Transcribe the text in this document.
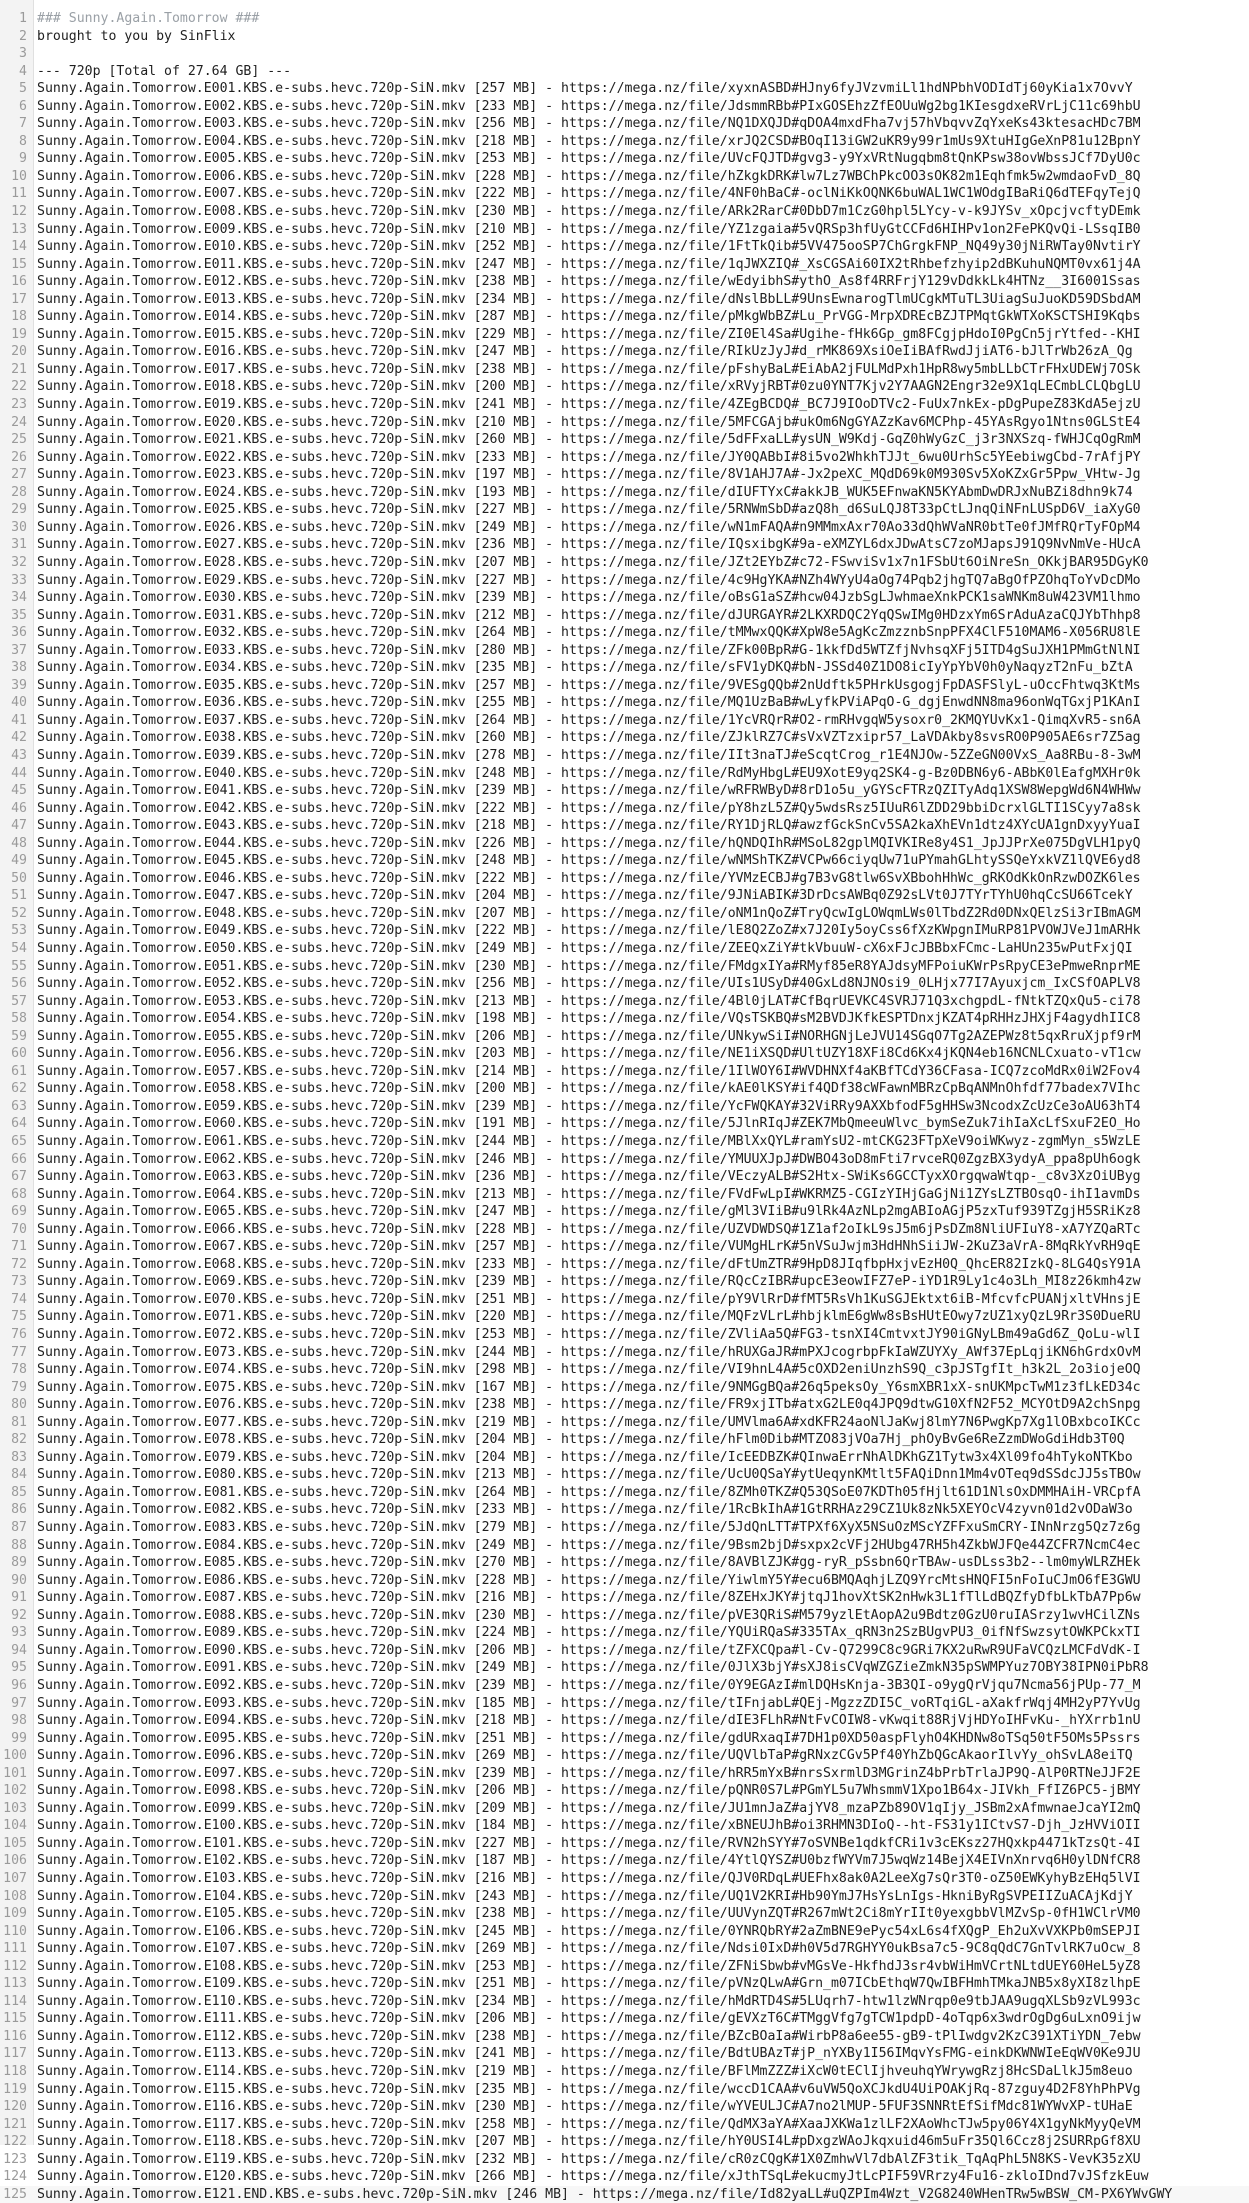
1 ### Sunny.Again.Tomorrow ###
2 brought to you by SinFlix
3
4 --- 720p [Total of 27.64 GB] ---
5 Sunny.Again.Tomorrow.E001.KBS.e-subs.hevc.720p-SiN.mkv [257 MB] - https://mega.nz/file/xyxnASBD#HJny6fyJVzvmiLl1hdNPbhVODIdTj60yKia1x7OvvY
6 Sunny.Again.Tomorrow.E002.KBS.e-subs.hevc.720p-SiN.mkv [233 MB] - https://mega.nz/file/JdsmmRBb#PIxGOSEhzZfEOUuWg2bg1KIesgdxeRVrLjC11c69hbU
7 Sunny.Again.Tomorrow.E003.KBS.e-subs.hevc.720p-SiN.mkv [256 MB] - https://mega.nz/file/NQ1DXQJD#qDOA4mxdFha7vj57hVbqvvZqYxeKs43ktesacHDc7BM
8 Sunny.Again.Tomorrow.E004.KBS.e-subs.hevc.720p-SiN.mkv [218 MB] - https://mega.nz/file/xrJQ2CSD#BOqI13iGW2uKR9y99r1mUs9XtuHIgGeXnP81u12BpnY
9 Sunny.Again.Tomorrow.E005.KBS.e-subs.hevc.720p-SiN.mkv [253 MB] - https://mega.nz/file/UVcFQJTD#gvg3-y9YxVRtNugqbm8tQnKPsw38ovWbssJCf7DyU0c
10 Sunny.Again.Tomorrow.E006.KBS.e-subs.hevc.720p-SiN.mkv [228 MB] - https://mega.nz/file/hZkgkDRK#lw7Lz7WBChPkcOO3sOK82m1Eqhfmk5w2wmdaoFvD_8Q
11 Sunny.Again.Tomorrow.E007.KBS.e-subs.hevc.720p-SiN.mkv [222 MB] - https://mega.nz/file/4NF0hBaC#-oclNiKkOQNK6buWAL1WC1WOdgIBaRiQ6dTEFqyTejQ
12 Sunny.Again.Tomorrow.E008.KBS.e-subs.hevc.720p-SiN.mkv [230 MB] - https://mega.nz/file/ARk2RarC#0DbD7m1CzG0hpl5LYcy-v-k9JYSv_xOpcjvcftyDEmk
13 Sunny.Again.Tomorrow.E009.KBS.e-subs.hevc.720p-SiN.mkv [210 MB] - https://mega.nz/file/YZ1zgaia#5vQRSp3hfUyGtCCFd6HIHPv1on2FePKQvQi-LSsqIB0
14 Sunny.Again.Tomorrow.E010.KBS.e-subs.hevc.720p-SiN.mkv [252 MB] - https://mega.nz/file/1FtTkQib#5VV475ooSP7ChGrgkFNP_NQ49y30jNiRWTay0NvtirY
15 Sunny.Again.Tomorrow.E011.KBS.e-subs.hevc.720p-SiN.mkv [247 MB] - https://mega.nz/file/1qJWXZIQ#_XsCGSAi60IX2tRhbefzhyip2dBKuhuNQMT0vx61j4A
16 Sunny.Again.Tomorrow.E012.KBS.e-subs.hevc.720p-SiN.mkv [238 MB] - https://mega.nz/file/wEdyibhS#ythO_As8f4RRFrjY129vDdkkLk4HTNz__3I6001Ssas
17 Sunny.Again.Tomorrow.E013.KBS.e-subs.hevc.720p-SiN.mkv [234 MB] - https://mega.nz/file/dNslBbLL#9UnsEwnarogTlmUCgkMTuTL3UiagSuJuoKD59DSbdAM
18 Sunny.Again.Tomorrow.E014.KBS.e-subs.hevc.720p-SiN.mkv [287 MB] - https://mega.nz/file/pMkgWbBZ#Lu_PrVGG-MrpXDREcBZJTPMqtGkWTXoKSCTSHI9Kqbs
19 Sunny.Again.Tomorrow.E015.KBS.e-subs.hevc.720p-SiN.mkv [229 MB] - https://mega.nz/file/ZI0El4Sa#Ugihe-fHk6Gp_gm8FCgjpHdoI0PgCn5jrYtfed--KHI
20 Sunny.Again.Tomorrow.E016.KBS.e-subs.hevc.720p-SiN.mkv [247 MB] - https://mega.nz/file/RIkUzJyJ#d_rMK869XsiOeIiBAfRwdJjiAT6-bJlTrWb26zA_Qg
21 Sunny.Again.Tomorrow.E017.KBS.e-subs.hevc.720p-SiN.mkv [238 MB] - https://mega.nz/file/pFshyBaL#EiAbA2jFULMdPxh1HpR8wy5mbLLbCTrFHxUDEWj7OSk
22 Sunny.Again.Tomorrow.E018.KBS.e-subs.hevc.720p-SiN.mkv [200 MB] - https://mega.nz/file/xRVyjRBT#0zu0YNT7Kjv2Y7AAGN2Engr32e9X1qLECmbLCLQbgLU
23 Sunny.Again.Tomorrow.E019.KBS.e-subs.hevc.720p-SiN.mkv [241 MB] - https://mega.nz/file/4ZEgBCDQ#_BC7J9IOoDTVc2-FuUx7nkEx-pDgPupeZ83KdA5ejzU
24 Sunny.Again.Tomorrow.E020.KBS.e-subs.hevc.720p-SiN.mkv [210 MB] - https://mega.nz/file/5MFCGAjb#ukOm6NgGYAZzKav6MCPhp-45YAsRgyo1Ntns0GLStE4
25 Sunny.Again.Tomorrow.E021.KBS.e-subs.hevc.720p-SiN.mkv [260 MB] - https://mega.nz/file/5dFFxaLL#ysUN_W9Kdj-GqZ0hWyGzC_j3r3NXSzq-fWHJCqOgRmM
26 Sunny.Again.Tomorrow.E022.KBS.e-subs.hevc.720p-SiN.mkv [233 MB] - https://mega.nz/file/JY0QABbI#8i5vo2WhkhTJJt_6wu0UrhSc5YEebiwgCbd-7rAfjPY
27 Sunny.Again.Tomorrow.E023.KBS.e-subs.hevc.720p-SiN.mkv [197 MB] - https://mega.nz/file/8V1AHJ7A#-Jx2peXC_MQdD69k0M930Sv5XoKZxGr5Ppw_VHtw-Jg
28 Sunny.Again.Tomorrow.E024.KBS.e-subs.hevc.720p-SiN.mkv [193 MB] - https://mega.nz/file/dIUFTYxC#akkJB_WUK5EFnwaKN5KYAbmDwDRJxNuBZi8dhn9k74
29 Sunny.Again.Tomorrow.E025.KBS.e-subs.hevc.720p-SiN.mkv [227 MB] - https://mega.nz/file/5RNWmSbD#azQ8h_d6SuLQJ8T33pCtLJnqQiNFnLUSpD6V_iaXyG0
30 Sunny.Again.Tomorrow.E026.KBS.e-subs.hevc.720p-SiN.mkv [249 MB] - https://mega.nz/file/wN1mFAQA#n9MMmxAxr70Ao33dQhWVaNR0btTe0fJMfRQrTyFOpM4
31 Sunny.Again.Tomorrow.E027.KBS.e-subs.hevc.720p-SiN.mkv [236 MB] - https://mega.nz/file/IQsxibgK#9a-eXMZYL6dxJDwAtsC7zoMJapsJ91Q9NvNmVe-HUcA
32 Sunny.Again.Tomorrow.E028.KBS.e-subs.hevc.720p-SiN.mkv [207 MB] - https://mega.nz/file/JZt2EYbZ#c72-FSwviSv1x7n1FSbUt6OiNreSn_OKkjBAR95DGyK0
33 Sunny.Again.Tomorrow.E029.KBS.e-subs.hevc.720p-SiN.mkv [227 MB] - https://mega.nz/file/4c9HgYKA#NZh4WYyU4aOg74Pqb2jhgTQ7aBgOfPZOhqToYvDcDMo
34 Sunny.Again.Tomorrow.E030.KBS.e-subs.hevc.720p-SiN.mkv [239 MB] - https://mega.nz/file/oBsG1aSZ#hcw04JzbSgLJwhmaeXnkPCK1saWNKm8uW423VM1lhmo
35 Sunny.Again.Tomorrow.E031.KBS.e-subs.hevc.720p-SiN.mkv [212 MB] - https://mega.nz/file/dJURGAYR#2LKXRDQC2YqQSwIMg0HDzxYm6SrAduAzaCQJYbThhp8
36 Sunny.Again.Tomorrow.E032.KBS.e-subs.hevc.720p-SiN.mkv [264 MB] - https://mega.nz/file/tMMwxQQK#XpW8e5AgKcZmzznbSnpPFX4ClF510MAM6-X056RU8lE
37 Sunny.Again.Tomorrow.E033.KBS.e-subs.hevc.720p-SiN.mkv [280 MB] - https://mega.nz/file/ZFk00BpR#G-1kkfDd5WTZfjNvhsqXFj5ITD4gSuJXH1PMmGtNlNI
38 Sunny.Again.Tomorrow.E034.KBS.e-subs.hevc.720p-SiN.mkv [235 MB] - https://mega.nz/file/sFV1yDKQ#bN-JSSd40Z1DO8icIyYpYbV0h0yNaqyzT2nFu_bZtA
39 Sunny.Again.Tomorrow.E035.KBS.e-subs.hevc.720p-SiN.mkv [257 MB] - https://mega.nz/file/9VESgQQb#2nUdftk5PHrkUsgogjFpDASFSlyL-uOccFhtwq3KtMs
40 Sunny.Again.Tomorrow.E036.KBS.e-subs.hevc.720p-SiN.mkv [255 MB] - https://mega.nz/file/MQ1UzBaB#wLyfkPViAPqO-G_dgjEnwdNN8ma96onWqTGxjP1KAnI
41 Sunny.Again.Tomorrow.E037.KBS.e-subs.hevc.720p-SiN.mkv [264 MB] - https://mega.nz/file/1YcVRQrR#O2-rmRHvgqW5ysoxr0_2KMQYUvKx1-QimqXvR5-sn6A
42 Sunny.Again.Tomorrow.E038.KBS.e-subs.hevc.720p-SiN.mkv [260 MB] - https://mega.nz/file/ZJklRZ7C#sVxVZTzxipr57_LaVDAkby8svsRO0P905AE6sr7Z5ag
43 Sunny.Again.Tomorrow.E039.KBS.e-subs.hevc.720p-SiN.mkv [278 MB] - https://mega.nz/file/IIt3naTJ#eScqtCrog_r1E4NJOw-5ZZeGN00VxS_Aa8RBu-8-3wM
44 Sunny.Again.Tomorrow.E040.KBS.e-subs.hevc.720p-SiN.mkv [248 MB] - https://mega.nz/file/RdMyHbgL#EU9XotE9yq2SK4-g-Bz0DBN6y6-ABbK0lEafgMXHr0k
45 Sunny.Again.Tomorrow.E041.KBS.e-subs.hevc.720p-SiN.mkv [239 MB] - https://mega.nz/file/wRFRWByD#8rD1o5u_yGYScFTRzQZITyAdq1XSW8WepgWd6N4WHWw
46 Sunny.Again.Tomorrow.E042.KBS.e-subs.hevc.720p-SiN.mkv [222 MB] - https://mega.nz/file/pY8hzL5Z#Qy5wdsRsz5IUuR6lZDD29bbiDcrxlGLTI1SCyy7a8sk
47 Sunny.Again.Tomorrow.E043.KBS.e-subs.hevc.720p-SiN.mkv [218 MB] - https://mega.nz/file/RY1DjRLQ#awzfGckSnCv5SA2kaXhEVn1dtz4XYcUA1gnDxyyYuaI
48 Sunny.Again.Tomorrow.E044.KBS.e-subs.hevc.720p-SiN.mkv [226 MB] - https://mega.nz/file/hQNDQIhR#MSoL82gplMQIVKIRe8y4S1_JpJJPrXe075DgVLH1pyQ
49 Sunny.Again.Tomorrow.E045.KBS.e-subs.hevc.720p-SiN.mkv [248 MB] - https://mega.nz/file/wNMShTKZ#VCPw66ciyqUw71uPYmahGLhtySSQeYxkVZ1lQVE6yd8
50 Sunny.Again.Tomorrow.E046.KBS.e-subs.hevc.720p-SiN.mkv [222 MB] - https://mega.nz/file/YVMzECBJ#g7B3vG8tlw6SvXBbohHhWc_gRKOdKkOnRzwDOZK6les
51 Sunny.Again.Tomorrow.E047.KBS.e-subs.hevc.720p-SiN.mkv [204 MB] - https://mega.nz/file/9JNiABIK#3DrDcsAWBq0Z92sLVt0J7TYrTYhU0hqCcSU66TcekY
52 Sunny.Again.Tomorrow.E048.KBS.e-subs.hevc.720p-SiN.mkv [207 MB] - https://mega.nz/file/oNM1nQoZ#TryQcwIgLOWqmLWs0lTbdZ2Rd0DNxQElzSi3rIBmAGM
53 Sunny.Again.Tomorrow.E049.KBS.e-subs.hevc.720p-SiN.mkv [222 MB] - https://mega.nz/file/lE8Q2ZoZ#x7J20Iy5oyCss6fXzKWpgnIMuRP81PVOWJVeJ1mARHk
54 Sunny.Again.Tomorrow.E050.KBS.e-subs.hevc.720p-SiN.mkv [249 MB] - https://mega.nz/file/ZEEQxZiY#tkVbuuW-cX6xFJcJBBbxFCmc-LaHUn235wPutFxjQI
55 Sunny.Again.Tomorrow.E051.KBS.e-subs.hevc.720p-SiN.mkv [230 MB] - https://mega.nz/file/FMdgxIYa#RMyf85eR8YAJdsyMFPoiuKWrPsRpyCE3ePmweRnprME
56 Sunny.Again.Tomorrow.E052.KBS.e-subs.hevc.720p-SiN.mkv [256 MB] - https://mega.nz/file/UIs1USyD#40GxLd8NJNOsi9_0LHjx77I7Ayuxjcm_IxCSfOAPLV8
57 Sunny.Again.Tomorrow.E053.KBS.e-subs.hevc.720p-SiN.mkv [213 MB] - https://mega.nz/file/4Bl0jLAT#CfBqrUEVKC4SVRJ71Q3xchgpdL-fNtkTZQxQu5-ci78
58 Sunny.Again.Tomorrow.E054.KBS.e-subs.hevc.720p-SiN.mkv [198 MB] - https://mega.nz/file/VQsTSKBQ#sM2BVDJKfkESPTDnxjKZAT4pRHHzJHXjF4agydhIIC8
59 Sunny.Again.Tomorrow.E055.KBS.e-subs.hevc.720p-SiN.mkv [206 MB] - https://mega.nz/file/UNkywSiI#NORHGNjLeJVU14SGqO7Tg2AZEPWz8t5qxRruXjpf9rM
60 Sunny.Again.Tomorrow.E056.KBS.e-subs.hevc.720p-SiN.mkv [203 MB] - https://mega.nz/file/NE1iXSQD#UltUZY18XFi8Cd6Kx4jKQN4eb16NCNLCxuato-vT1cw
61 Sunny.Again.Tomorrow.E057.KBS.e-subs.hevc.720p-SiN.mkv [214 MB] - https://mega.nz/file/1IlWOY6I#WVDHNXf4aKBfTCdY36CFasa-ICQ7zcoMdRx0iW2Fov4
62 Sunny.Again.Tomorrow.E058.KBS.e-subs.hevc.720p-SiN.mkv [200 MB] - https://mega.nz/file/kAE0lKSY#if4QDf38cWFawnMBRzCpBqANMnOhfdf77badex7VIhc
63 Sunny.Again.Tomorrow.E059.KBS.e-subs.hevc.720p-SiN.mkv [239 MB] - https://mega.nz/file/YcFWQKAY#32ViRRy9AXXbfodF5gHHSw3NcodxZcUzCe3oAU63hT4
64 Sunny.Again.Tomorrow.E060.KBS.e-subs.hevc.720p-SiN.mkv [191 MB] - https://mega.nz/file/5JlnRIqJ#ZEK7MbQmeeuWlvc_bymSeZuk7ihIaXcLfSxuF2EO_Ho
65 Sunny.Again.Tomorrow.E061.KBS.e-subs.hevc.720p-SiN.mkv [244 MB] - https://mega.nz/file/MBlXxQYL#ramYsU2-mtCKG23FTpXeV9oiWKwyz-zgmMyn_s5WzLE
66 Sunny.Again.Tomorrow.E062.KBS.e-subs.hevc.720p-SiN.mkv [246 MB] - https://mega.nz/file/YMUUXJpJ#DWBO43oD8mFti7rvceRQ0ZgzBX3ydyA_ppa8pUh6ogk
67 Sunny.Again.Tomorrow.E063.KBS.e-subs.hevc.720p-SiN.mkv [236 MB] - https://mega.nz/file/VEczyALB#S2Htx-SWiKs6GCCTyxXOrgqwaWtqp-_c8v3XzOiUByg
68 Sunny.Again.Tomorrow.E064.KBS.e-subs.hevc.720p-SiN.mkv [213 MB] - https://mega.nz/file/FVdFwLpI#WKRMZ5-CGIzYIHjGaGjNi1ZYsLZTBOsqO-ihI1avmDs
69 Sunny.Again.Tomorrow.E065.KBS.e-subs.hevc.720p-SiN.mkv [247 MB] - https://mega.nz/file/gMl3VIiB#u9lRk4AzNLp2mgABIoAGjP5zxTuf939TZgjH5SRiKz8
70 Sunny.Again.Tomorrow.E066.KBS.e-subs.hevc.720p-SiN.mkv [228 MB] - https://mega.nz/file/UZVDWDSQ#1Z1af2oIkL9sJ5m6jPsDZm8NliUFIuY8-xA7YZQaRTc
71 Sunny.Again.Tomorrow.E067.KBS.e-subs.hevc.720p-SiN.mkv [257 MB] - https://mega.nz/file/VUMgHLrK#5nVSuJwjm3HdHNhSiiJW-2KuZ3aVrA-8MqRkYvRH9qE
72 Sunny.Again.Tomorrow.E068.KBS.e-subs.hevc.720p-SiN.mkv [233 MB] - https://mega.nz/file/dFtUmZTR#9HpD8JIqfbpHxjvEzH0Q_QhcER82IzkQ-8LG4QsY91A
73 Sunny.Again.Tomorrow.E069.KBS.e-subs.hevc.720p-SiN.mkv [239 MB] - https://mega.nz/file/RQcCzIBR#upcE3eowIFZ7eP-iYD1R9Ly1c4o3Lh_MI8z26kmh4zw
74 Sunny.Again.Tomorrow.E070.KBS.e-subs.hevc.720p-SiN.mkv [251 MB] - https://mega.nz/file/pY9VlRrD#fMT5RsVh1KuSGJEktxt6iB-MfcvfcPUANjxltVHnsjE
75 Sunny.Again.Tomorrow.E071.KBS.e-subs.hevc.720p-SiN.mkv [220 MB] - https://mega.nz/file/MQFzVLrL#hbjklmE6gWw8sBsHUtEOwy7zUZ1xyQzL9Rr3S0DueRU
76 Sunny.Again.Tomorrow.E072.KBS.e-subs.hevc.720p-SiN.mkv [253 MB] - https://mega.nz/file/ZVliAa5Q#FG3-tsnXI4CmtvxtJY90iGNyLBm49aGd6Z_QoLu-wlI
77 Sunny.Again.Tomorrow.E073.KBS.e-subs.hevc.720p-SiN.mkv [244 MB] - https://mega.nz/file/hRUXGaJR#mPXJcogrbpFkIaWZUYXy_AWf37EpLqjiKN6hGrdxOvM
78 Sunny.Again.Tomorrow.E074.KBS.e-subs.hevc.720p-SiN.mkv [298 MB] - https://mega.nz/file/VI9hnL4A#5cOXD2eniUnzhS9Q_c3pJSTgfIt_h3k2L_2o3iojeOQ
79 Sunny.Again.Tomorrow.E075.KBS.e-subs.hevc.720p-SiN.mkv [167 MB] - https://mega.nz/file/9NMGgBQa#26q5peksOy_Y6smXBR1xX-snUKMpcTwM1z3fLkED34c
80 Sunny.Again.Tomorrow.E076.KBS.e-subs.hevc.720p-SiN.mkv [238 MB] - https://mega.nz/file/FR9xjITb#atxG2LE0q4JPQ9dtwG10XfN2F52_MCYOtD9A2chSnpg
81 Sunny.Again.Tomorrow.E077.KBS.e-subs.hevc.720p-SiN.mkv [219 MB] - https://mega.nz/file/UMVlma6A#xdKFR24aoNlJaKwj8lmY7N6PwgKp7Xg1lOBxbcoIKCc
82 Sunny.Again.Tomorrow.E078.KBS.e-subs.hevc.720p-SiN.mkv [204 MB] - https://mega.nz/file/hFlm0Dib#MTZO83jVOa7Hj_phOyBvGe6ReZzmDWoGdiHdb3T0Q
83 Sunny.Again.Tomorrow.E079.KBS.e-subs.hevc.720p-SiN.mkv [204 MB] - https://mega.nz/file/IcEEDBZK#QInwaErrNhAlDKhGZ1Tytw3x4Xl09fo4hTykoNTKbo
84 Sunny.Again.Tomorrow.E080.KBS.e-subs.hevc.720p-SiN.mkv [213 MB] - https://mega.nz/file/UcU0QSaY#ytUeqynKMtlt5FAQiDnn1Mm4vOTeq9dSSdcJJ5sTBOw
85 Sunny.Again.Tomorrow.E081.KBS.e-subs.hevc.720p-SiN.mkv [264 MB] - https://mega.nz/file/8ZMh0TKZ#Q53QSoE07KDTh05fHjlt61D1NlsOxDMMHAiH-VRCpfA
86 Sunny.Again.Tomorrow.E082.KBS.e-subs.hevc.720p-SiN.mkv [233 MB] - https://mega.nz/file/1RcBkIhA#1GtRRHAz29CZ1Uk8zNk5XEYOcV4zyvn01d2vODaW3o
87 Sunny.Again.Tomorrow.E083.KBS.e-subs.hevc.720p-SiN.mkv [279 MB] - https://mega.nz/file/5JdQnLTT#TPXf6XyX5NSuOzMScYZFFxuSmCRY-INnNrzg5Qz7z6g
88 Sunny.Again.Tomorrow.E084.KBS.e-subs.hevc.720p-SiN.mkv [249 MB] - https://mega.nz/file/9Bsm2bjD#sxpx2cVFj2HUbg47RH5h4ZkbWJFQe44ZCFR7NcmC4ec
89 Sunny.Again.Tomorrow.E085.KBS.e-subs.hevc.720p-SiN.mkv [270 MB] - https://mega.nz/file/8AVBlZJK#gg-ryR_pSsbn6QrTBAw-usDLss3b2--lm0myWLRZHEk
90 Sunny.Again.Tomorrow.E086.KBS.e-subs.hevc.720p-SiN.mkv [228 MB] - https://mega.nz/file/YiwlmY5Y#ecu6BMQAqhjLZQ9YrcMtsHNQFI5nFoIuCJmO6fE3GWU
91 Sunny.Again.Tomorrow.E087.KBS.e-subs.hevc.720p-SiN.mkv [216 MB] - https://mega.nz/file/8ZEHxJKY#jtqJ1hovXtSK2nHwk3L1fTlLdBQZfyDfbLkTbA7Pp6w
92 Sunny.Again.Tomorrow.E088.KBS.e-subs.hevc.720p-SiN.mkv [230 MB] - https://mega.nz/file/pVE3QRiS#M579yzlEtAopA2u9Bdtz0GzU0ruIASrzy1wvHCilZNs
93 Sunny.Again.Tomorrow.E089.KBS.e-subs.hevc.720p-SiN.mkv [224 MB] - https://mega.nz/file/YQUiRQaS#335TAx_qRN3n2SzBUgvPU3_0ifNfSwzsytOWKPCkxTI
94 Sunny.Again.Tomorrow.E090.KBS.e-subs.hevc.720p-SiN.mkv [206 MB] - https://mega.nz/file/tZFXCQpa#l-Cv-Q7299C8c9GRi7KX2uRwR9UFaVCQzLMCFdVdK-I
95 Sunny.Again.Tomorrow.E091.KBS.e-subs.hevc.720p-SiN.mkv [249 MB] - https://mega.nz/file/0JlX3bjY#sXJ8isCVqWZGZieZmkN35pSWMPYuz7OBY38IPN0iPbR8
96 Sunny.Again.Tomorrow.E092.KBS.e-subs.hevc.720p-SiN.mkv [239 MB] - https://mega.nz/file/0Y9EGAzI#mlDQHsKnja-3B3QI-o9ygQrVjqu7Ncma56jPUp-77_M
97 Sunny.Again.Tomorrow.E093.KBS.e-subs.hevc.720p-SiN.mkv [185 MB] - https://mega.nz/file/tIFnjabL#QEj-MgzzZDI5C_voRTqiGL-aXakfrWqj4MH2yP7YvUg
98 Sunny.Again.Tomorrow.E094.KBS.e-subs.hevc.720p-SiN.mkv [218 MB] - https://mega.nz/file/dIE3FLhR#NtFvCOIW8-vKwqit88RjVjHDYoIHFvKu-_hYXrrb1nU
99 Sunny.Again.Tomorrow.E095.KBS.e-subs.hevc.720p-SiN.mkv [251 MB] - https://mega.nz/file/gdURxaqI#7DH1p0XD50aspFlyhO4KHDNw8oTSq50tF5OMs5Pssrs
100 Sunny.Again.Tomorrow.E096.KBS.e-subs.hevc.720p-SiN.mkv [269 MB] - https://mega.nz/file/UQVlbTaP#gRNxzCGv5Pf40YhZbQGcAkaorIlvYy_ohSvLA8eiTQ
101 Sunny.Again.Tomorrow.E097.KBS.e-subs.hevc.720p-SiN.mkv [239 MB] - https://mega.nz/file/hRR5mYxB#nrsSxrmlD3MGrinZ4bPrbTrlaJP9Q-AlP0RTNeJJF2E
102 Sunny.Again.Tomorrow.E098.KBS.e-subs.hevc.720p-SiN.mkv [206 MB] - https://mega.nz/file/pQNR0S7L#PGmYL5u7WhsmmV1Xpo1B64x-JIVkh_FfIZ6PC5-jBMY
103 Sunny.Again.Tomorrow.E099.KBS.e-subs.hevc.720p-SiN.mkv [209 MB] - https://mega.nz/file/JU1mnJaZ#ajYV8_mzaPZb89OV1qIjy_JSBm2xAfmwnaeJcaYI2mQ
104 Sunny.Again.Tomorrow.E100.KBS.e-subs.hevc.720p-SiN.mkv [184 MB] - https://mega.nz/file/xBNEUJhB#oi3RHMN3DIoQ--ht-FS31y1ICtvS7-Djh_JzHVViOII
105 Sunny.Again.Tomorrow.E101.KBS.e-subs.hevc.720p-SiN.mkv [227 MB] - https://mega.nz/file/RVN2hSYY#7oSVNBe1qdkfCRi1v3cEKsz27HQxkp4471kTzsQt-4I
106 Sunny.Again.Tomorrow.E102.KBS.e-subs.hevc.720p-SiN.mkv [187 MB] - https://mega.nz/file/4YtlQYSZ#U0bzfWYVm7J5wqWz14BejX4EIVnXnrvq6H0ylDNfCR8
107 Sunny.Again.Tomorrow.E103.KBS.e-subs.hevc.720p-SiN.mkv [216 MB] - https://mega.nz/file/QJV0RDqL#UEFhx8ak0A2LeeXg7sQr3T0-oZ50EWKyhyBzEHq5lVI
108 Sunny.Again.Tomorrow.E104.KBS.e-subs.hevc.720p-SiN.mkv [243 MB] - https://mega.nz/file/UQ1V2KRI#Hb90YmJ7HsYsLnIgs-HkniByRgSVPEIIZuACAjKdjY
109 Sunny.Again.Tomorrow.E105.KBS.e-subs.hevc.720p-SiN.mkv [238 MB] - https://mega.nz/file/UUVynZQT#R267mWt2Ci8mYrIIt0yexgbbVlMZvSp-0fH1WClrVM0
110 Sunny.Again.Tomorrow.E106.KBS.e-subs.hevc.720p-SiN.mkv [245 MB] - https://mega.nz/file/0YNRQbRY#2aZmBNE9ePyc54xL6s4fXQgP_Eh2uXvVXKPb0mSEPJI
111 Sunny.Again.Tomorrow.E107.KBS.e-subs.hevc.720p-SiN.mkv [269 MB] - https://mega.nz/file/Ndsi0IxD#h0V5d7RGHYY0ukBsa7c5-9C8qQdC7GnTvlRK7uOcw_8
112 Sunny.Again.Tomorrow.E108.KBS.e-subs.hevc.720p-SiN.mkv [253 MB] - https://mega.nz/file/ZFNiSbwb#vMGsVe-HkfhdJ3sr4vbWiHmVCrtNLtdUEY60HeL5yZ8
113 Sunny.Again.Tomorrow.E109.KBS.e-subs.hevc.720p-SiN.mkv [251 MB] - https://mega.nz/file/pVNzQLwA#Grn_m07ICbEthqW7QwIBFHmhTMkaJNB5x8yXI8zlhpE
114 Sunny.Again.Tomorrow.E110.KBS.e-subs.hevc.720p-SiN.mkv [234 MB] - https://mega.nz/file/hMdRTD4S#5LUqrh7-htw1lzWNrqp0e9tbJAA9ugqXLSb9zVL993c
115 Sunny.Again.Tomorrow.E111.KBS.e-subs.hevc.720p-SiN.mkv [206 MB] - https://mega.nz/file/gEVXzT6C#TMggVfg7gTCW1pdpD-4oTqp6x3wdrOgDg6uLxnO9ijw
116 Sunny.Again.Tomorrow.E112.KBS.e-subs.hevc.720p-SiN.mkv [238 MB] - https://mega.nz/file/BZcBOaIa#WirbP8a6ee55-gB9-tPlIwdgv2KzC391XTiYDN_7ebw
117 Sunny.Again.Tomorrow.E113.KBS.e-subs.hevc.720p-SiN.mkv [241 MB] - https://mega.nz/file/BdtUBAzT#jP_nYXBy1I56IMqvYsFMG-einkDKWNWIeEqWV0Ke9JU
118 Sunny.Again.Tomorrow.E114.KBS.e-subs.hevc.720p-SiN.mkv [219 MB] - https://mega.nz/file/BFlMmZZZ#iXcW0tEClIjhveuhqYWrywgRzj8HcSDaLlkJ5m8euo
119 Sunny.Again.Tomorrow.E115.KBS.e-subs.hevc.720p-SiN.mkv [235 MB] - https://mega.nz/file/wccD1CAA#v6uVW5QoXCJkdU4UiPOAKjRq-87zguy4D2F8YhPhPVg
120 Sunny.Again.Tomorrow.E116.KBS.e-subs.hevc.720p-SiN.mkv [230 MB] - https://mega.nz/file/wYVEULJC#A7no2lMUP-5FUF3SNNRtEfSifMdc81WYWvXP-tUHaE
121 Sunny.Again.Tomorrow.E117.KBS.e-subs.hevc.720p-SiN.mkv [258 MB] - https://mega.nz/file/QdMX3aYA#XaaJXKWa1zlLF2XAoWhcTJw5py06Y4X1gyNkMyyQeVM
122 Sunny.Again.Tomorrow.E118.KBS.e-subs.hevc.720p-SiN.mkv [207 MB] - https://mega.nz/file/hY0USI4L#pDxgzWAoJkqxuid46m5uFr35Ql6Ccz8j2SURRpGf8XU
123 Sunny.Again.Tomorrow.E119.KBS.e-subs.hevc.720p-SiN.mkv [232 MB] - https://mega.nz/file/cR0zCQgK#1X0ZmhwVl7dbAlZF3tik_TqAqPhL5N8KS-VevK35zXU
124 Sunny.Again.Tomorrow.E120.KBS.e-subs.hevc.720p-SiN.mkv [266 MB] - https://mega.nz/file/xJthTSqL#ekucmyJtLcPIF59VRrzy4Fu16-zkloIDnd7vJSfzkEuw
125 Sunny.Again.Tomorrow.E121.END.KBS.e-subs.hevc.720p-SiN.mkv [246 MB] - https://mega.nz/file/Id82yaLL#uQZPIm4Wzt_V2G8240WHenTRw5wBSW_CM-PX6YWvGWY
